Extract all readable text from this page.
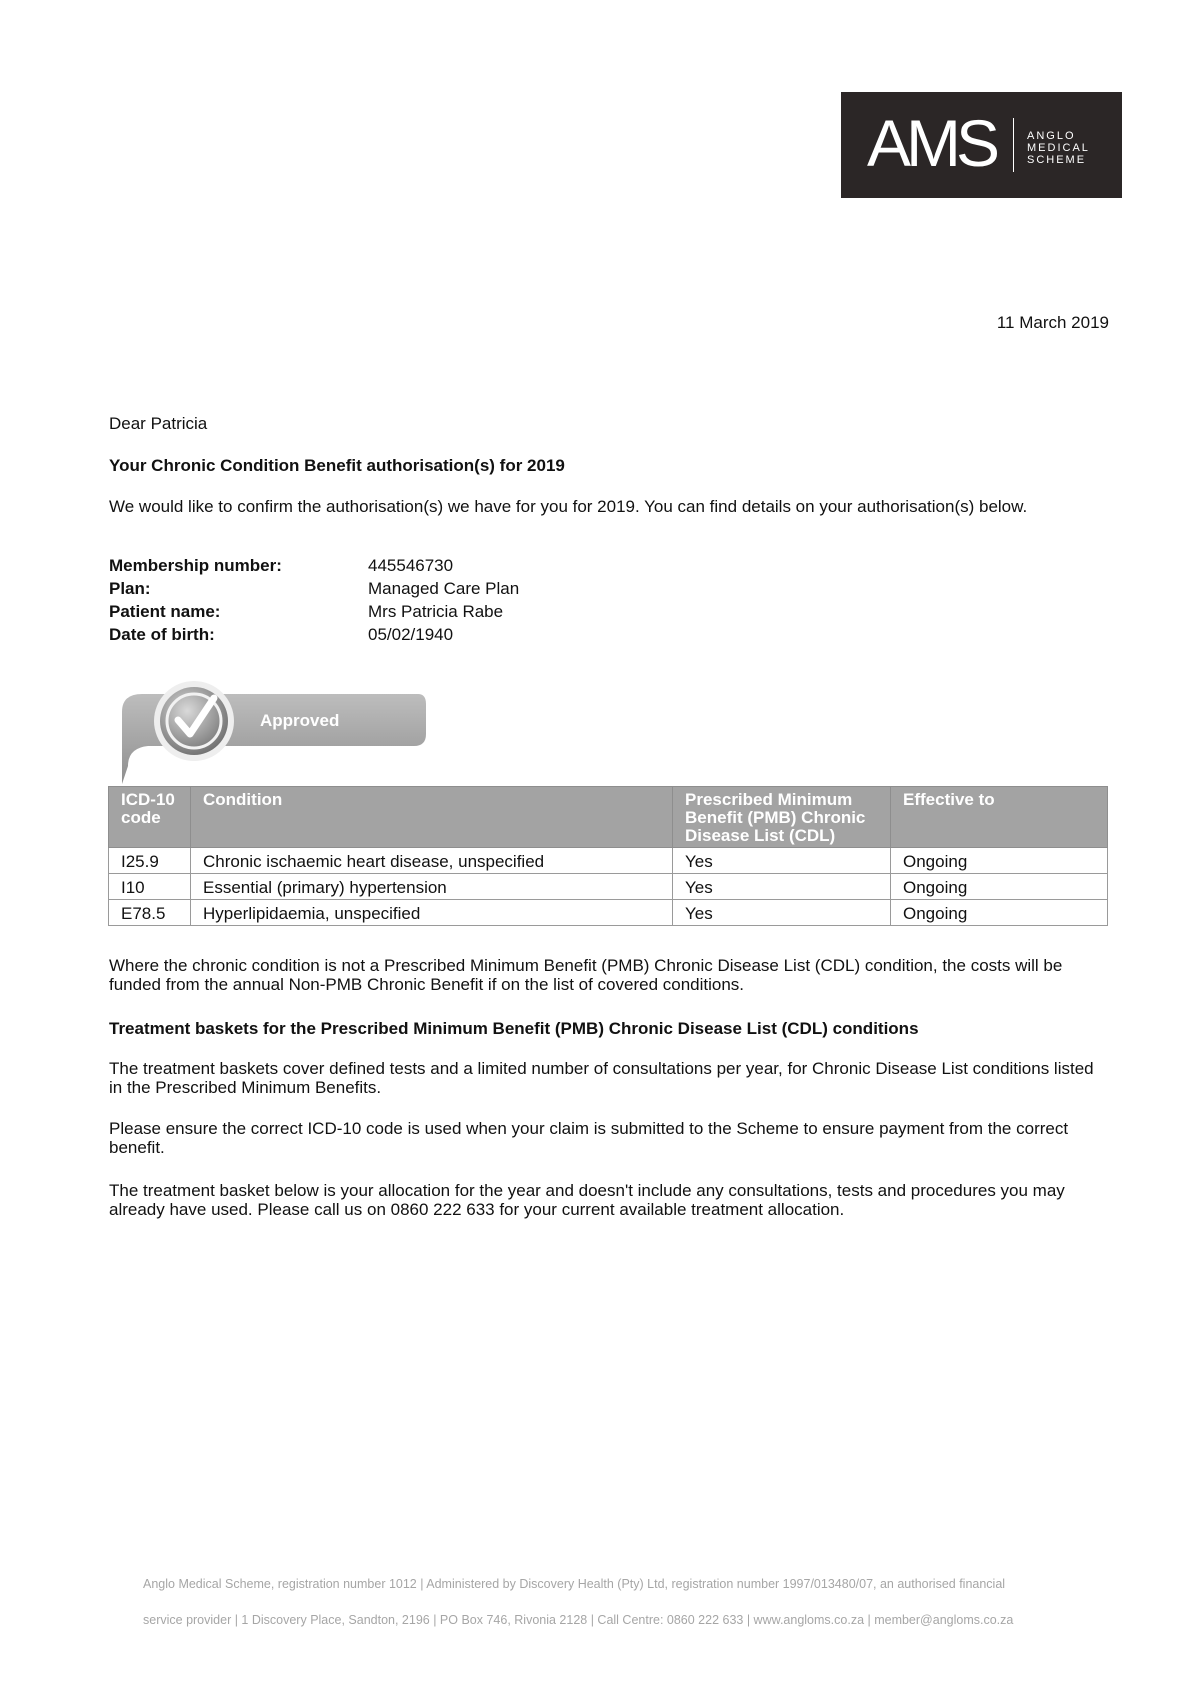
AMS	ANGLO
MEDICAL
SCHEME
11 March 2019
Dear Patricia
Your Chronic Condition Benefit authorisation(s) for 2019
We would like to confirm the authorisation(s) we have for you for 2019. You can find details on your authorisation(s) below.
Membership number:	445546730
Plan:	Managed Care Plan
Patient name:	Mrs Patricia Rabe
Date of birth:	05/02/1940
Approved
ICD-10 code	Condition	Prescribed Minimum Benefit (PMB) Chronic Disease List (CDL)	Effective to
I25.9	Chronic ischaemic heart disease, unspecified	Yes	Ongoing
I10	Essential (primary) hypertension	Yes	Ongoing
E78.5	Hyperlipidaemia, unspecified	Yes	Ongoing
Where the chronic condition is not a Prescribed Minimum Benefit (PMB) Chronic Disease List (CDL) condition, the costs will be funded from the annual Non-PMB Chronic Benefit if on the list of covered conditions.
Treatment baskets for the Prescribed Minimum Benefit (PMB) Chronic Disease List (CDL) conditions
The treatment baskets cover defined tests and a limited number of consultations per year, for Chronic Disease List conditions listed in the Prescribed Minimum Benefits.
Please ensure the correct ICD-10 code is used when your claim is submitted to the Scheme to ensure payment from the correct benefit.
The treatment basket below is your allocation for the year and doesn't include any consultations, tests and procedures you may already have used. Please call us on 0860 222 633 for your current available treatment allocation.
Anglo Medical Scheme, registration number 1012 | Administered by Discovery Health (Pty) Ltd, registration number 1997/013480/07, an authorised financial
service provider | 1 Discovery Place, Sandton, 2196 | PO Box 746, Rivonia 2128 | Call Centre: 0860 222 633 | www.angloms.co.za | member@angloms.co.za
